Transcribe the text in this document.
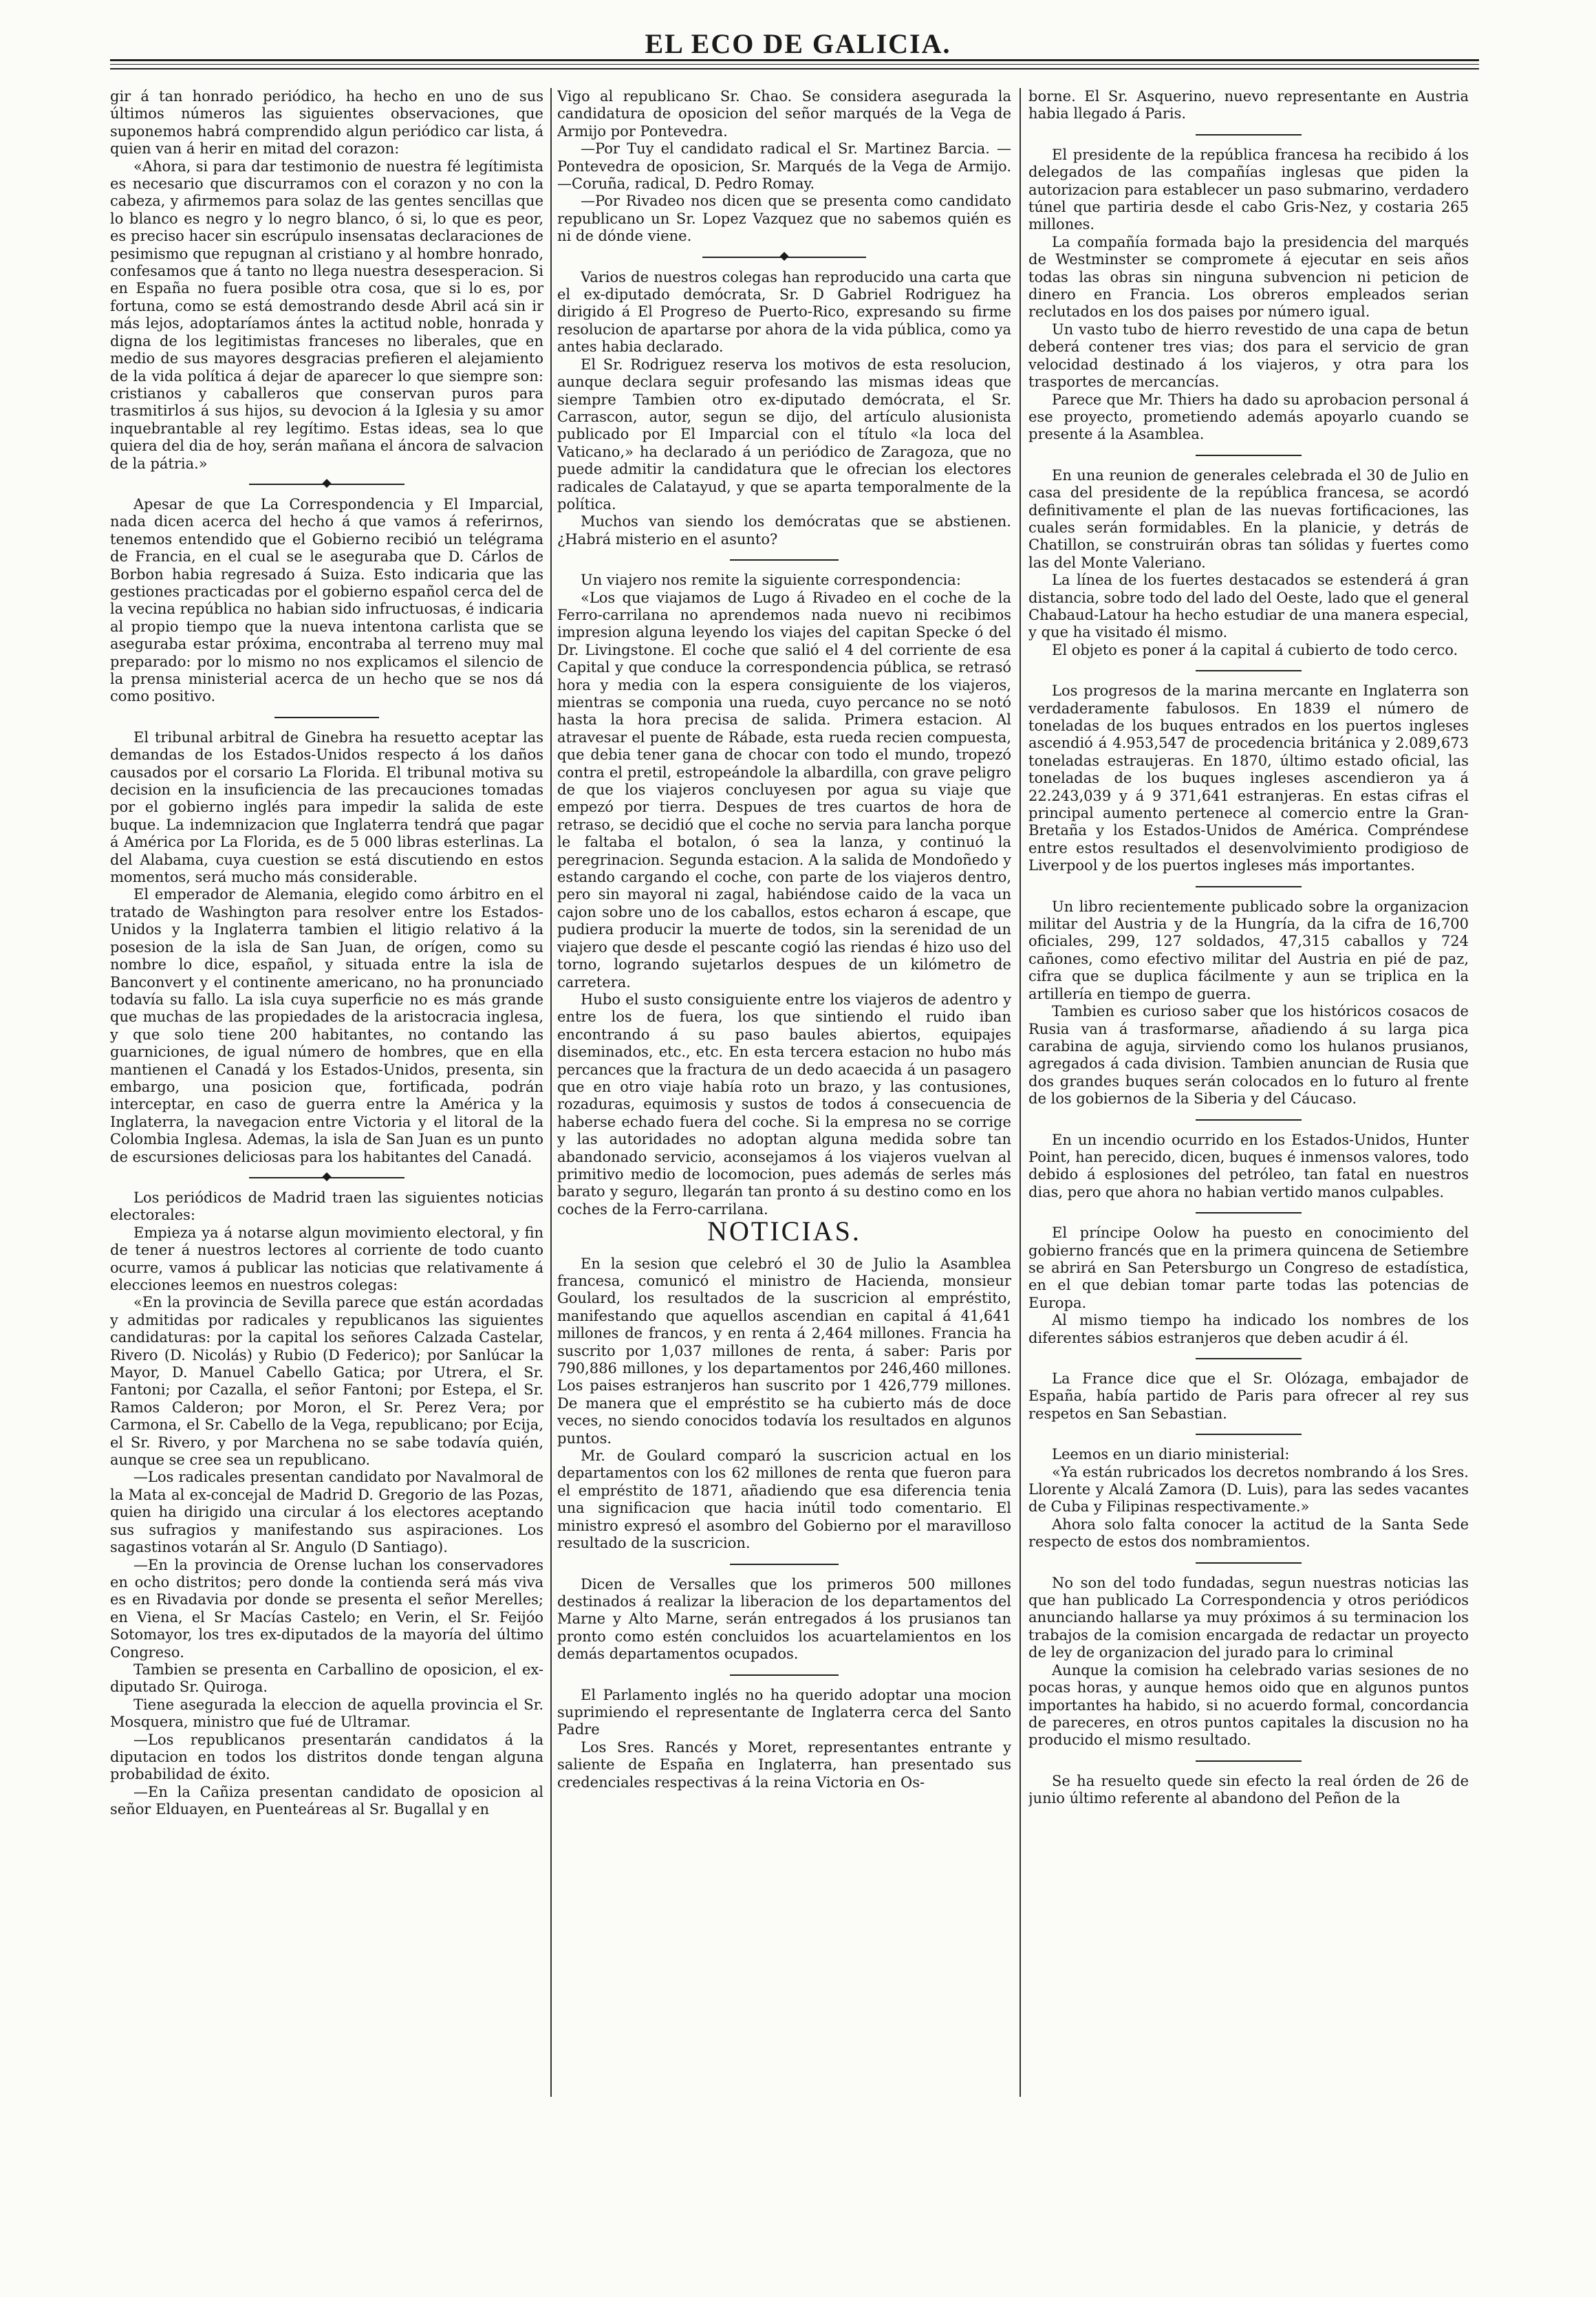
EL ECO DE GALICIA.

gir á tan honrado periódico, ha hecho en uno de sus últimos números las siguientes observaciones, que suponemos habrá comprendido algun periódico car lista, á quien van á herir en mitad del corazon:

«Ahora, si para dar testimonio de nuestra fé legítimista es necesario que discurramos con el corazon y no con la cabeza, y afirmemos para solaz de las gentes sencillas que lo blanco es negro y lo negro blanco, ó si, lo que es peor, es preciso hacer sin escrúpulo insensatas declaraciones de pesimismo que repugnan al cristiano y al hombre honrado, confesamos que á tanto no llega nuestra desesperacion. Si en España no fuera posible otra cosa, que si lo es, por fortuna, como se está demostrando desde Abril acá sin ir más lejos, adoptaríamos ántes la actitud noble, honrada y digna de los legitimistas franceses no liberales, que en medio de sus mayores desgracias prefieren el alejamiento de la vida política á dejar de aparecer lo que siempre son: cristianos y caballeros que conservan puros para trasmitirlos á sus hijos, su devocion á la Iglesia y su amor inquebrantable al rey legítimo. Estas ideas, sea lo que quiera del dia de hoy, serán mañana el áncora de salvacion de la pátria.»

◆

Apesar de que La Correspondencia y El Imparcial, nada dicen acerca del hecho á que vamos á referirnos, tenemos entendido que el Gobierno recibió un telégrama de Francia, en el cual se le aseguraba que D. Cárlos de Borbon habia regresado á Suiza. Esto indicaria que las gestiones practicadas por el gobierno español cerca del de la vecina república no habian sido infructuosas, é indicaria al propio tiempo que la nueva intentona carlista que se aseguraba estar próxima, encontraba al terreno muy mal preparado: por lo mismo no nos explicamos el silencio de la prensa ministerial acerca de un hecho que se nos dá como positivo.

El tribunal arbitral de Ginebra ha resuetto aceptar las demandas de los Estados-Unidos respecto á los daños causados por el corsario La Florida. El tribunal motiva su decision en la insuficiencia de las precauciones tomadas por el gobierno inglés para impedir la salida de este buque. La indemnizacion que Inglaterra tendrá que pagar á América por La Florida, es de 5 000 libras esterlinas. La del Alabama, cuya cuestion se está discutiendo en estos momentos, será mucho más considerable.

El emperador de Alemania, elegido como árbitro en el tratado de Washington para resolver entre los Estados-Unidos y la Inglaterra tambien el litigio relativo á la posesion de la isla de San Juan, de orígen, como su nombre lo dice, español, y situada entre la isla de Banconvert y el continente americano, no ha pronunciado todavía su fallo. La isla cuya superficie no es más grande que muchas de las propiedades de la aristocracia inglesa, y que solo tiene 200 habitantes, no contando las guarniciones, de igual número de hombres, que en ella mantienen el Canadá y los Estados-Unidos, presenta, sin embargo, una posicion que, fortificada, podrán interceptar, en caso de guerra entre la América y la Inglaterra, la navegacion entre Victoria y el litoral de la Colombia Inglesa. Ademas, la isla de San Juan es un punto de escursiones deliciosas para los habitantes del Canadá.

◆

Los periódicos de Madrid traen las siguientes noticias electorales:

Empieza ya á notarse algun movimiento electoral, y fin de tener á nuestros lectores al corriente de todo cuanto ocurre, vamos á publicar las noticias que relativamente á elecciones leemos en nuestros colegas:

«En la provincia de Sevilla parece que están acordadas y admitidas por radicales y republicanos las siguientes candidaturas: por la capital los señores Calzada Castelar, Rivero (D. Nicolás) y Rubio (D Federico); por Sanlúcar la Mayor, D. Manuel Cabello Gatica; por Utrera, el Sr. Fantoni; por Cazalla, el señor Fantoni; por Estepa, el Sr. Ramos Calderon; por Moron, el Sr. Perez Vera; por Carmona, el Sr. Cabello de la Vega, republicano; por Ecija, el Sr. Rivero, y por Marchena no se sabe todavía quién, aunque se cree sea un republicano.

—Los radicales presentan candidato por Navalmoral de la Mata al ex-concejal de Madrid D. Gregorio de las Pozas, quien ha dirigido una circular á los electores aceptando sus sufragios y manifestando sus aspiraciones. Los sagastinos votarán al Sr. Angulo (D Santiago).

—En la provincia de Orense luchan los conservadores en ocho distritos; pero donde la contienda será más viva es en Rivadavia por donde se presenta el señor Merelles; en Viena, el Sr Macías Castelo; en Verin, el Sr. Feijóo Sotomayor, los tres ex-diputados de la mayoría del último Congreso.

Tambien se presenta en Carballino de oposicion, el ex-diputado Sr. Quiroga.

Tiene asegurada la eleccion de aquella provincia el Sr. Mosquera, ministro que fué de Ultramar.

—Los republicanos presentarán candidatos á la diputacion en todos los distritos donde tengan alguna probabilidad de éxito.

—En la Cañiza presentan candidato de oposicion al señor Elduayen, en Puenteáreas al Sr. Bugallal y en

Vigo al republicano Sr. Chao. Se considera asegurada la candidatura de oposicion del señor marqués de la Vega de Armijo por Pontevedra.

—Por Tuy el candidato radical el Sr. Martinez Barcia. —Pontevedra de oposicion, Sr. Marqués de la Vega de Armijo. —Coruña, radical, D. Pedro Romay.

—Por Rivadeo nos dicen que se presenta como candidato republicano un Sr. Lopez Vazquez que no sabemos quién es ni de dónde viene.

◆

Varios de nuestros colegas han reproducido una carta que el ex-diputado demócrata, Sr. D Gabriel Rodriguez ha dirigido á El Progreso de Puerto-Rico, expresando su firme resolucion de apartarse por ahora de la vida pública, como ya antes habia declarado.

El Sr. Rodriguez reserva los motivos de esta resolucion, aunque declara seguir profesando las mismas ideas que siempre Tambien otro ex-diputado demócrata, el Sr. Carrascon, autor, segun se dijo, del artículo alusionista publicado por El Imparcial con el título «la loca del Vaticano,» ha declarado á un periódico de Zaragoza, que no puede admitir la candidatura que le ofrecian los electores radicales de Calatayud, y que se aparta temporalmente de la política.

Muchos van siendo los demócratas que se abstienen. ¿Habrá misterio en el asunto?

Un viajero nos remite la siguiente correspondencia:

«Los que viajamos de Lugo á Rivadeo en el coche de la Ferro-carrilana no aprendemos nada nuevo ni recibimos impresion alguna leyendo los viajes del capitan Specke ó del Dr. Livingstone. El coche que salió el 4 del corriente de esa Capital y que conduce la correspondencia pública, se retrasó hora y media con la espera consiguiente de los viajeros, mientras se componia una rueda, cuyo percance no se notó hasta la hora precisa de salida. Primera estacion. Al atravesar el puente de Rábade, esta rueda recien compuesta, que debia tener gana de chocar con todo el mundo, tropezó contra el pretil, estropeándole la albardilla, con grave peligro de que los viajeros concluyesen por agua su viaje que empezó por tierra. Despues de tres cuartos de hora de retraso, se decidió que el coche no servia para lancha porque le faltaba el botalon, ó sea la lanza, y continuó la peregrinacion. Segunda estacion. A la salida de Mondoñedo y estando cargando el coche, con parte de los viajeros dentro, pero sin mayoral ni zagal, habiéndose caido de la vaca un cajon sobre uno de los caballos, estos echaron á escape, que pudiera producir la muerte de todos, sin la serenidad de un viajero que desde el pescante cogió las riendas é hizo uso del torno, logrando sujetarlos despues de un kilómetro de carretera.

Hubo el susto consiguiente entre los viajeros de adentro y entre los de fuera, los que sintiendo el ruido iban encontrando á su paso baules abiertos, equipajes diseminados, etc., etc. En esta tercera estacion no hubo más percances que la fractura de un dedo acaecida á un pasagero que en otro viaje había roto un brazo, y las contusiones, rozaduras, equimosis y sustos de todos á consecuencia de haberse echado fuera del coche. Si la empresa no se corrige y las autoridades no adoptan alguna medida sobre tan abandonado servicio, aconsejamos á los viajeros vuelvan al primitivo medio de locomocion, pues además de serles más barato y seguro, llegarán tan pronto á su destino como en los coches de la Ferro-carrilana.

NOTICIAS.

En la sesion que celebró el 30 de Julio la Asamblea francesa, comunicó el ministro de Hacienda, monsieur Goulard, los resultados de la suscricion al empréstito, manifestando que aquellos ascendian en capital á 41,641 millones de francos, y en renta á 2,464 millones. Francia ha suscrito por 1,037 millones de renta, á saber: Paris por 790,886 millones, y los departamentos por 246,460 millones. Los paises estranjeros han suscrito por 1 426,779 millones. De manera que el empréstito se ha cubierto más de doce veces, no siendo conocidos todavía los resultados en algunos puntos.

Mr. de Goulard comparó la suscricion actual en los departamentos con los 62 millones de renta que fueron para el empréstito de 1871, añadiendo que esa diferencia tenia una significacion que hacia inútil todo comentario. El ministro expresó el asombro del Gobierno por el maravilloso resultado de la suscricion.

Dicen de Versalles que los primeros 500 millones destinados á realizar la liberacion de los departamentos del Marne y Alto Marne, serán entregados á los prusianos tan pronto como estén concluidos los acuartelamientos en los demás departamentos ocupados.

El Parlamento inglés no ha querido adoptar una mocion suprimiendo el representante de Inglaterra cerca del Santo Padre

Los Sres. Rancés y Moret, representantes entrante y saliente de España en Inglaterra, han presentado sus credenciales respectivas á la reina Victoria en Os-

borne. El Sr. Asquerino, nuevo representante en Austria habia llegado á Paris.

El presidente de la república francesa ha recibido á los delegados de las compañías inglesas que piden la autorizacion para establecer un paso submarino, verdadero túnel que partiria desde el cabo Gris-Nez, y costaria 265 millones.

La compañía formada bajo la presidencia del marqués de Westminster se compromete á ejecutar en seis años todas las obras sin ninguna subvencion ni peticion de dinero en Francia. Los obreros empleados serian reclutados en los dos paises por número igual.

Un vasto tubo de hierro revestido de una capa de betun deberá contener tres vias; dos para el servicio de gran velocidad destinado á los viajeros, y otra para los trasportes de mercancías.

Parece que Mr. Thiers ha dado su aprobacion personal á ese proyecto, prometiendo además apoyarlo cuando se presente á la Asamblea.

En una reunion de generales celebrada el 30 de Julio en casa del presidente de la república francesa, se acordó definitivamente el plan de las nuevas fortificaciones, las cuales serán formidables. En la planicie, y detrás de Chatillon, se construirán obras tan sólidas y fuertes como las del Monte Valeriano.

La línea de los fuertes destacados se estenderá á gran distancia, sobre todo del lado del Oeste, lado que el general Chabaud-Latour ha hecho estudiar de una manera especial, y que ha visitado él mismo.

El objeto es poner á la capital á cubierto de todo cerco.

Los progresos de la marina mercante en Inglaterra son verdaderamente fabulosos. En 1839 el número de toneladas de los buques entrados en los puertos ingleses ascendió á 4.953,547 de procedencia británica y 2.089,673 toneladas estraujeras. En 1870, último estado oficial, las toneladas de los buques ingleses ascendieron ya á 22.243,039 y á 9 371,641 estranjeras. En estas cifras el principal aumento pertenece al comercio entre la Gran-Bretaña y los Estados-Unidos de América. Compréndese entre estos resultados el desenvolvimiento prodigioso de Liverpool y de los puertos ingleses más importantes.

Un libro recientemente publicado sobre la organizacion militar del Austria y de la Hungría, da la cifra de 16,700 oficiales, 299, 127 soldados, 47,315 caballos y 724 cañones, como efectivo militar del Austria en pié de paz, cifra que se duplica fácilmente y aun se triplica en la artillería en tiempo de guerra.

Tambien es curioso saber que los históricos cosacos de Rusia van á trasformarse, añadiendo á su larga pica carabina de aguja, sirviendo como los hulanos prusianos, agregados á cada division. Tambien anuncian de Rusia que dos grandes buques serán colocados en lo futuro al frente de los gobiernos de la Siberia y del Cáucaso.

En un incendio ocurrido en los Estados-Unidos, Hunter Point, han perecido, dicen, buques é inmensos valores, todo debido á esplosiones del petróleo, tan fatal en nuestros dias, pero que ahora no habian vertido manos culpables.

El príncipe Oolow ha puesto en conocimiento del gobierno francés que en la primera quincena de Setiembre se abrirá en San Petersburgo un Congreso de estadística, en el que debian tomar parte todas las potencias de Europa.

Al mismo tiempo ha indicado los nombres de los diferentes sábios estranjeros que deben acudir á él.

La France dice que el Sr. Olózaga, embajador de España, había partido de Paris para ofrecer al rey sus respetos en San Sebastian.

Leemos en un diario ministerial:

«Ya están rubricados los decretos nombrando á los Sres. Llorente y Alcalá Zamora (D. Luis), para las sedes vacantes de Cuba y Filipinas respectivamente.»

Ahora solo falta conocer la actitud de la Santa Sede respecto de estos dos nombramientos.

No son del todo fundadas, segun nuestras noticias las que han publicado La Correspondencia y otros periódicos anunciando hallarse ya muy próximos á su terminacion los trabajos de la comision encargada de redactar un proyecto de ley de organizacion del jurado para lo criminal

Aunque la comision ha celebrado varias sesiones de no pocas horas, y aunque hemos oido que en algunos puntos importantes ha habido, si no acuerdo formal, concordancia de pareceres, en otros puntos capitales la discusion no ha producido el mismo resultado.

Se ha resuelto quede sin efecto la real órden de 26 de junio último referente al abandono del Peñon de la
